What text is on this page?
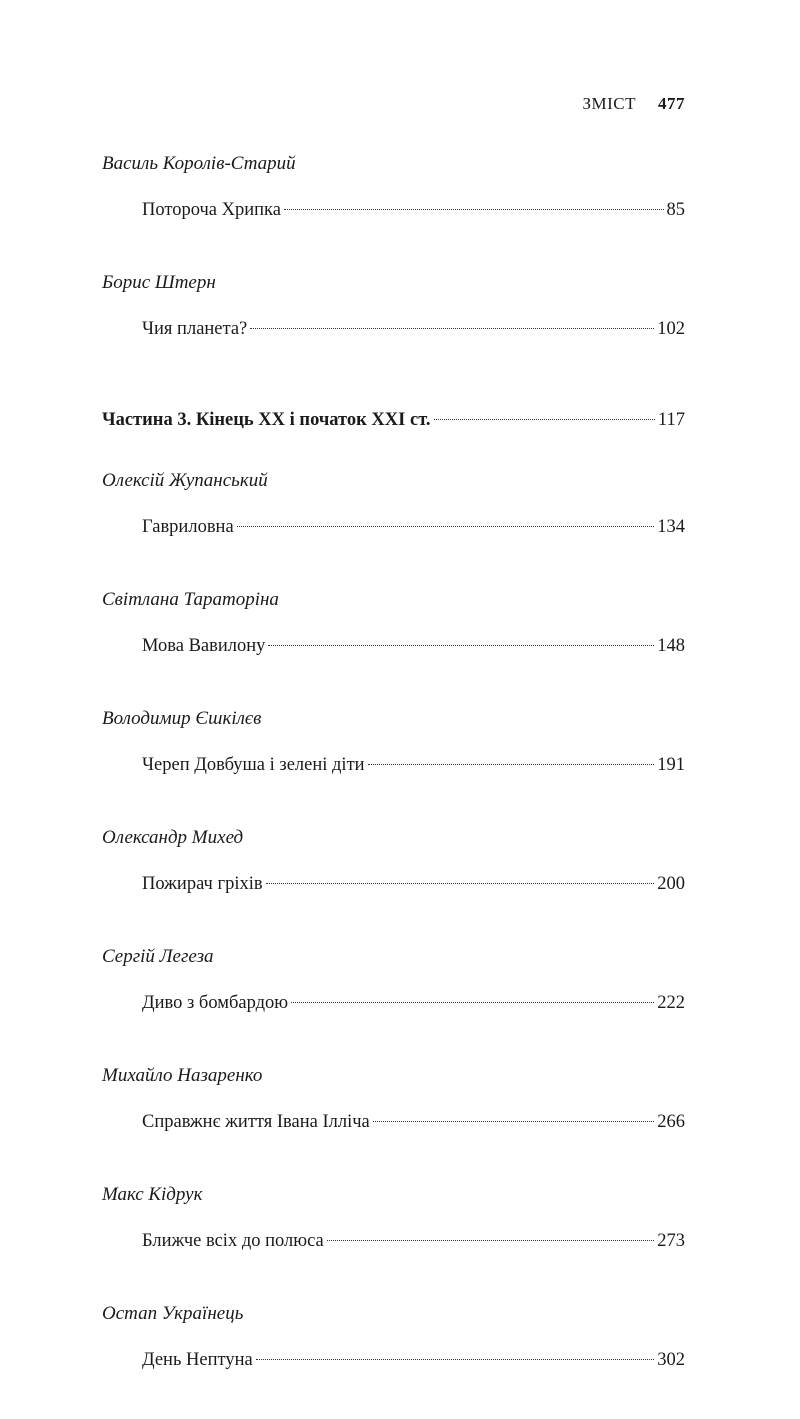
ЗМІСТ 477
Василь Королів-Старий
Потороча Хрипка	85
Борис Штерн
Чия планета?	102
Частина 3. Кінець ХХ і початок ХХІ ст.	117
Олексій Жупанський
Гавриловна	134
Світлана Тараторіна
Мова Вавилону	148
Володимир Єшкілєв
Череп Довбуша і зелені діти	191
Олександр Михед
Пожирач гріхів	200
Сергій Легеза
Диво з бомбардою	222
Михайло Назаренко
Справжнє життя Івана Ілліча	266
Макс Кідрук
Ближче всіх до полюса	273
Остап Українець
День Нептуна	302
